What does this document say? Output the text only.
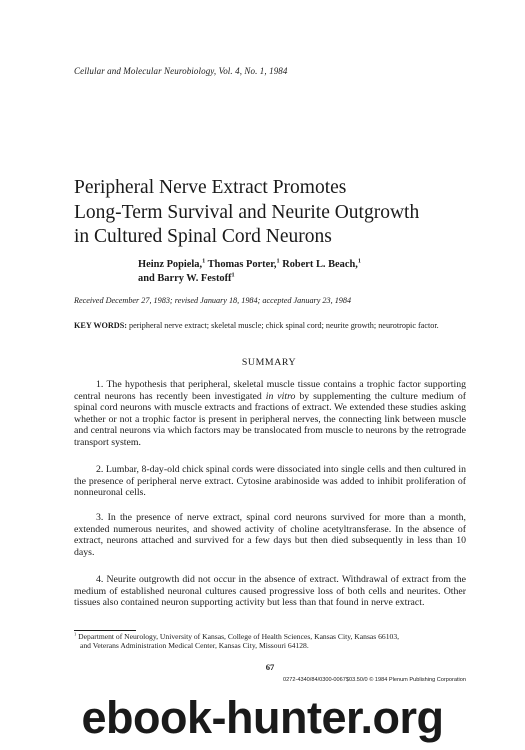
Cellular and Molecular Neurobiology, Vol. 4, No. 1, 1984
Peripheral Nerve Extract Promotes
Long-Term Survival and Neurite Outgrowth
in Cultured Spinal Cord Neurons
Heinz Popiela,$^1$ Thomas Porter,$^1$ Robert L. Beach,$^1$
and Barry W. Festoff$^1$
Received December 27, 1983; revised January 18, 1984; accepted January 23, 1984
KEY WORDS: peripheral nerve extract; skeletal muscle; chick spinal cord; neurite growth; neurotropic factor.
SUMMARY

1. The hypothesis that peripheral, skeletal muscle tissue contains a trophic factor supporting central neurons has recently been investigated in vitro by supplementing the culture medium of spinal cord neurons with muscle extracts and fractions of extract. We extended these studies asking whether or not a trophic factor is present in peripheral nerves, the connecting link between muscle and central neurons via which factors may be translocated from muscle to neurons by the retrograde transport system.

2. Lumbar, 8-day-old chick spinal cords were dissociated into single cells and then cultured in the presence of peripheral nerve extract. Cytosine arabinoside was added to inhibit proliferation of nonneuronal cells.

3. In the presence of nerve extract, spinal cord neurons survived for more than a month, extended numerous neurites, and showed activity of choline acetyltransferase. In the absence of extract, neurons attached and survived for a few days but then died subsequently in less than 10 days.

4. Neurite outgrowth did not occur in the absence of extract. Withdrawal of extract from the medium of established neuronal cultures caused progressive loss of both cells and neurites. Other tissues also contained neuron supporting activity but less than that found in nerve extract.

$^1$ Department of Neurology, University of Kansas, College of Health Sciences, Kansas City, Kansas 66103,
and Veterans Administration Medical Center, Kansas City, Missouri 64128.
67
0272-4340/84/0300-0067$03.50/0 © 1984 Plenum Publishing Corporation
ebook-hunter.org
